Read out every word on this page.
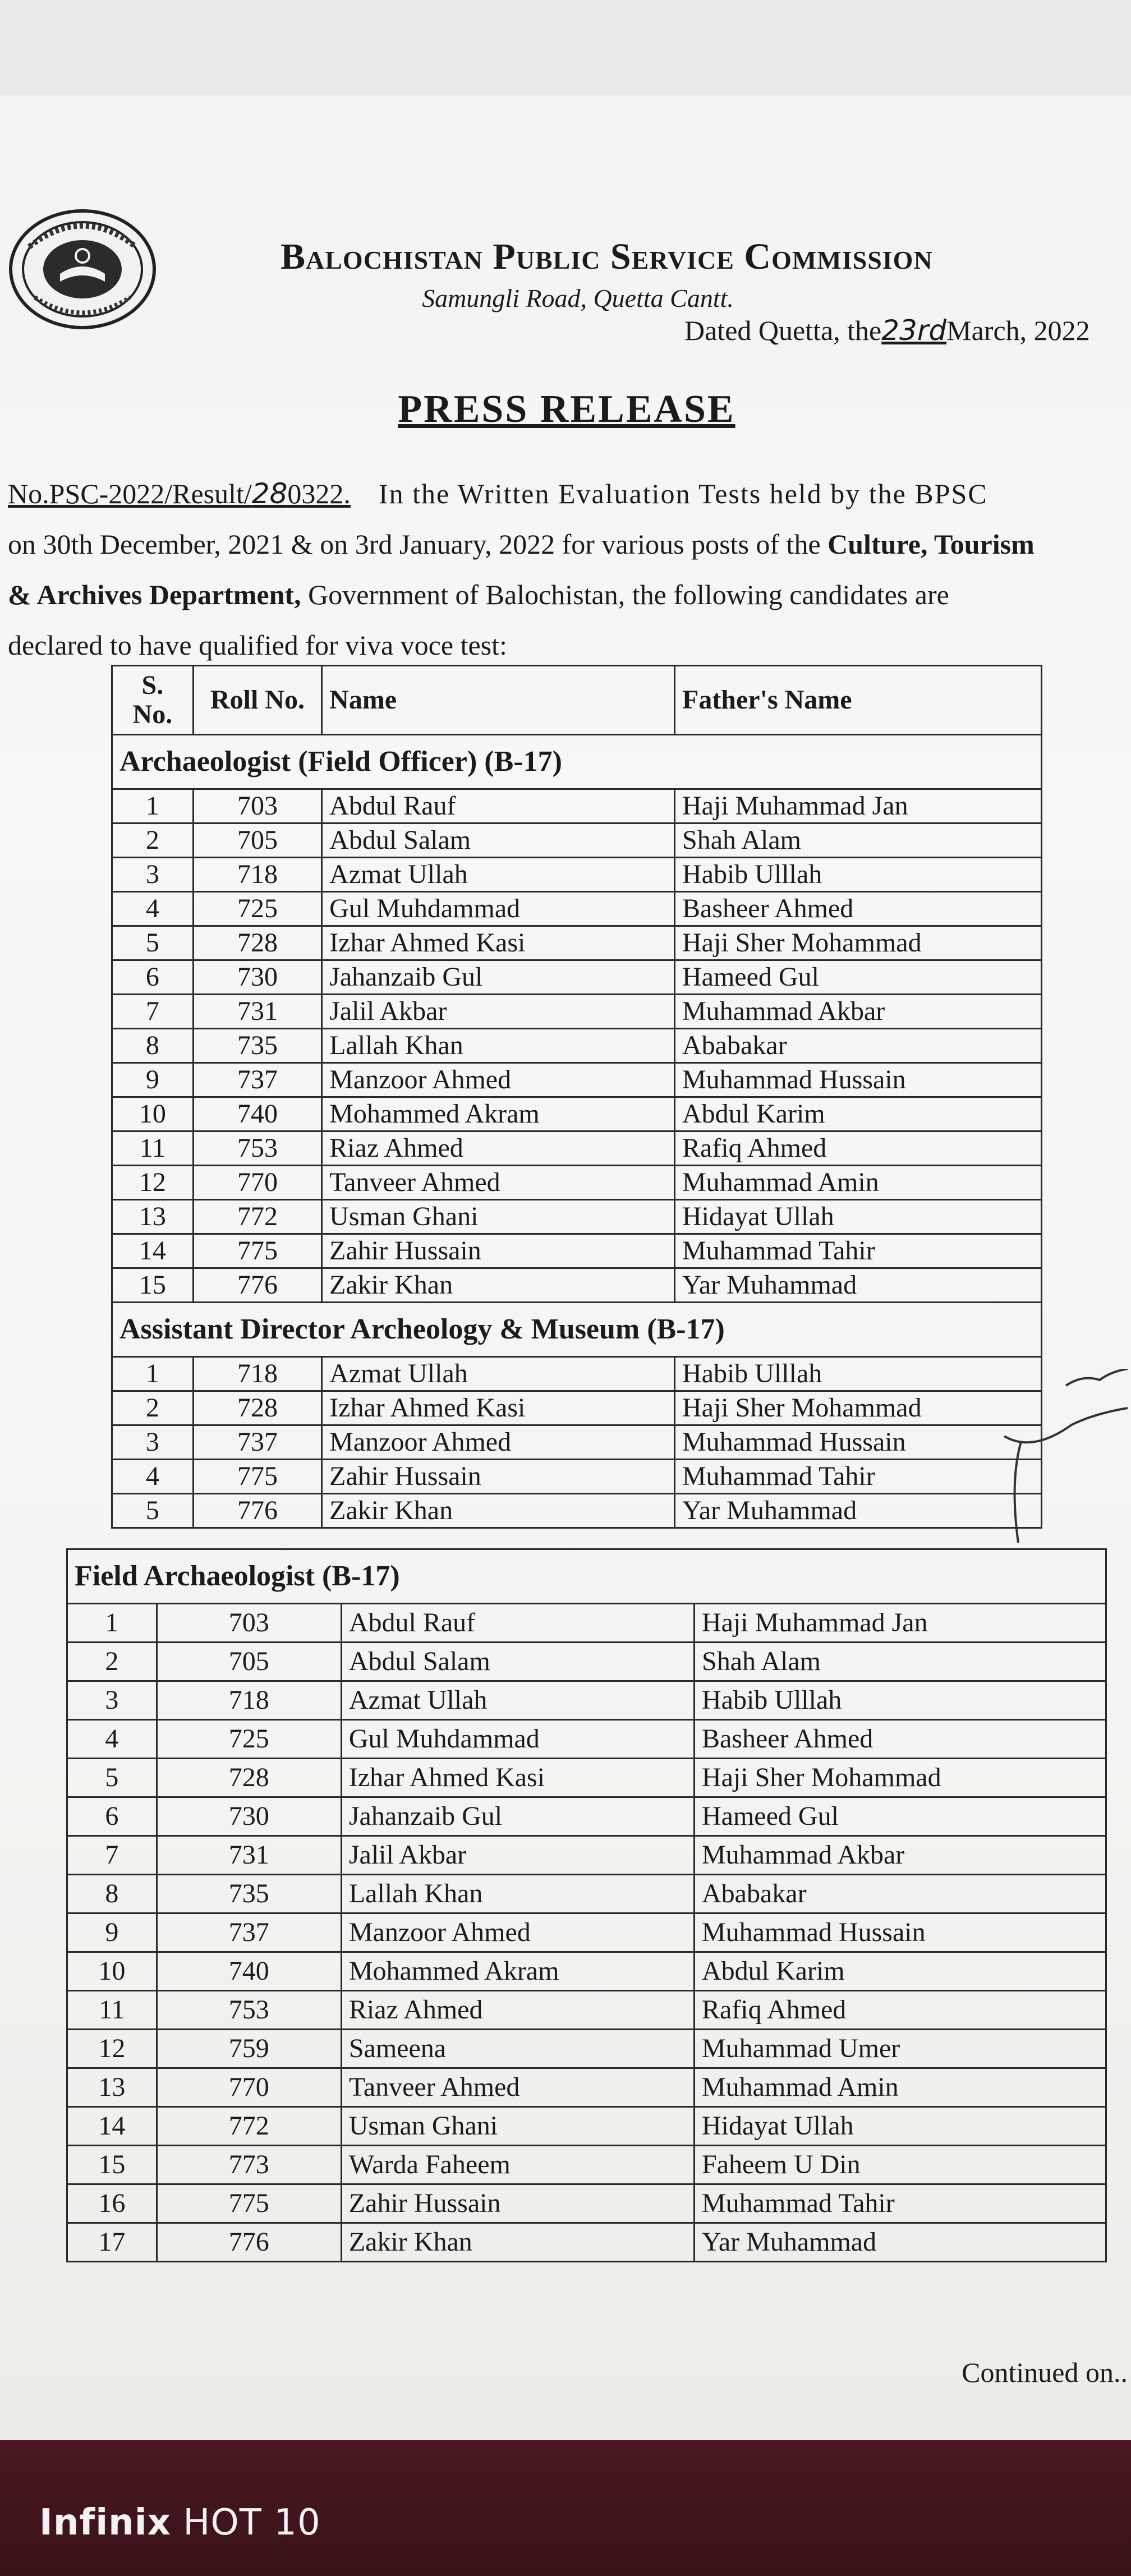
Balochistan Public Service Commission
Samungli Road, Quetta Cantt.
Dated Quetta, the23rdMarch, 2022
PRESS RELEASE
No.PSC-2022/Result/280322. In the Written Evaluation Tests held by the BPSC
on 30th December, 2021 & on 3rd January, 2022 for various posts of the Culture, Tourism
& Archives Department, Government of Balochistan, the following candidates are
declared to have qualified for viva voce test:
S. No.	Roll No.	Name	Father's Name
Archaeologist (Field Officer) (B-17)			
1	703	Abdul Rauf	Haji Muhammad Jan
2	705	Abdul Salam	Shah Alam
3	718	Azmat Ullah	Habib Ulllah
4	725	Gul Muhdammad	Basheer Ahmed
5	728	Izhar Ahmed Kasi	Haji Sher Mohammad
6	730	Jahanzaib Gul	Hameed Gul
7	731	Jalil Akbar	Muhammad Akbar
8	735	Lallah Khan	Ababakar
9	737	Manzoor Ahmed	Muhammad Hussain
10	740	Mohammed Akram	Abdul Karim
11	753	Riaz Ahmed	Rafiq Ahmed
12	770	Tanveer Ahmed	Muhammad Amin
13	772	Usman Ghani	Hidayat Ullah
14	775	Zahir Hussain	Muhammad Tahir
15	776	Zakir Khan	Yar Muhammad
Assistant Director Archeology & Museum (B-17)			
1	718	Azmat Ullah	Habib Ulllah
2	728	Izhar Ahmed Kasi	Haji Sher Mohammad
3	737	Manzoor Ahmed	Muhammad Hussain
4	775	Zahir Hussain	Muhammad Tahir
5	776	Zakir Khan	Yar Muhammad
Field Archaeologist (B-17)			
1	703	Abdul Rauf	Haji Muhammad Jan
2	705	Abdul Salam	Shah Alam
3	718	Azmat Ullah	Habib Ulllah
4	725	Gul Muhdammad	Basheer Ahmed
5	728	Izhar Ahmed Kasi	Haji Sher Mohammad
6	730	Jahanzaib Gul	Hameed Gul
7	731	Jalil Akbar	Muhammad Akbar
8	735	Lallah Khan	Ababakar
9	737	Manzoor Ahmed	Muhammad Hussain
10	740	Mohammed Akram	Abdul Karim
11	753	Riaz Ahmed	Rafiq Ahmed
12	759	Sameena	Muhammad Umer
13	770	Tanveer Ahmed	Muhammad Amin
14	772	Usman Ghani	Hidayat Ullah
15	773	Warda Faheem	Faheem U Din
16	775	Zahir Hussain	Muhammad Tahir
17	776	Zakir Khan	Yar Muhammad
Continued on..
Infinix HOT 10
